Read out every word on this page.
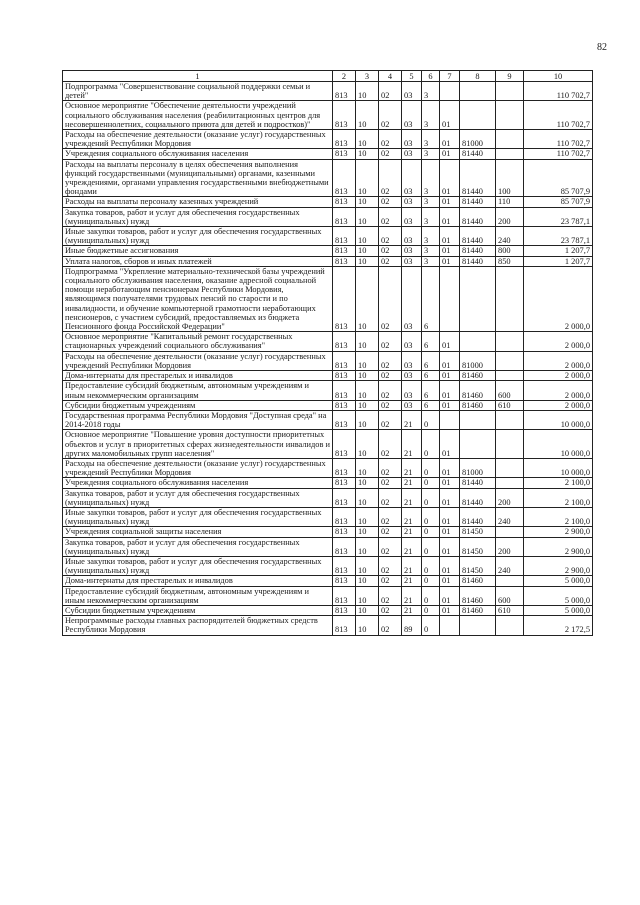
82
1	2	3	4	5	6	7	8	9	10
Подпрограмма "Совершенствование социальной поддержки семьи и детей"	813	10	02	03	3				110 702,7
Основное мероприятие "Обеспечение деятельности учреждений социального обслуживания населения (реабилитационных центров для несовершеннолетних, социального приюта для детей и подростков)"	813	10	02	03	3	01			110 702,7
Расходы на обеспечение деятельности (оказание услуг) государственных учреждений Республики Мордовия	813	10	02	03	3	01	81000		110 702,7
Учреждения социального обслуживания населения	813	10	02	03	3	01	81440		110 702,7
Расходы на выплаты персоналу в целях обеспечения выполнения функций государственными (муниципальными) органами, казенными учреждениями, органами управления государственными внебюджетными фондами	813	10	02	03	3	01	81440	100	85 707,9
Расходы на выплаты персоналу казенных учреждений	813	10	02	03	3	01	81440	110	85 707,9
Закупка товаров, работ и услуг для обеспечения государственных (муниципальных) нужд	813	10	02	03	3	01	81440	200	23 787,1
Иные закупки товаров, работ и услуг для обеспечения государственных (муниципальных) нужд	813	10	02	03	3	01	81440	240	23 787,1
Иные бюджетные ассигнования	813	10	02	03	3	01	81440	800	1 207,7
Уплата налогов, сборов и иных платежей	813	10	02	03	3	01	81440	850	1 207,7
Подпрограмма "Укрепление материально-технической базы учреждений социального обслуживания населения, оказание адресной социальной помощи неработающим пенсионерам Республики Мордовия, являющимся получателями трудовых пенсий по старости и по инвалидности, и обучение компьютерной грамотности неработающих пенсионеров, с участием субсидий, предоставляемых из бюджета Пенсионного фонда Российской Федерации"	813	10	02	03	6				2 000,0
Основное мероприятие "Капитальный ремонт государственных стационарных учреждений социального обслуживания"	813	10	02	03	6	01			2 000,0
Расходы на обеспечение деятельности (оказание услуг) государственных учреждений Республики Мордовия	813	10	02	03	6	01	81000		2 000,0
Дома-интернаты для престарелых и инвалидов	813	10	02	03	6	01	81460		2 000,0
Предоставление субсидий бюджетным, автономным учреждениям и иным некоммерческим организациям	813	10	02	03	6	01	81460	600	2 000,0
Субсидии бюджетным учреждениям	813	10	02	03	6	01	81460	610	2 000,0
Государственная программа Республики Мордовия "Доступная среда" на 2014-2018 годы	813	10	02	21	0				10 000,0
Основное мероприятие "Повышение уровня доступности приоритетных объектов и услуг в приоритетных сферах жизнедеятельности инвалидов и других маломобильных групп населения"	813	10	02	21	0	01			10 000,0
Расходы на обеспечение деятельности (оказание услуг) государственных учреждений Республики Мордовия	813	10	02	21	0	01	81000		10 000,0
Учреждения социального обслуживания населения	813	10	02	21	0	01	81440		2 100,0
Закупка товаров, работ и услуг для обеспечения государственных (муниципальных) нужд	813	10	02	21	0	01	81440	200	2 100,0
Иные закупки товаров, работ и услуг для обеспечения государственных (муниципальных) нужд	813	10	02	21	0	01	81440	240	2 100,0
Учреждения социальной защиты населения	813	10	02	21	0	01	81450		2 900,0
Закупка товаров, работ и услуг для обеспечения государственных (муниципальных) нужд	813	10	02	21	0	01	81450	200	2 900,0
Иные закупки товаров, работ и услуг для обеспечения государственных (муниципальных) нужд	813	10	02	21	0	01	81450	240	2 900,0
Дома-интернаты для престарелых и инвалидов	813	10	02	21	0	01	81460		5 000,0
Предоставление субсидий бюджетным, автономным учреждениям и иным некоммерческим организациям	813	10	02	21	0	01	81460	600	5 000,0
Субсидии бюджетным учреждениям	813	10	02	21	0	01	81460	610	5 000,0
Непрограммные расходы главных распорядителей бюджетных средств Республики Мордовия	813	10	02	89	0				2 172,5
